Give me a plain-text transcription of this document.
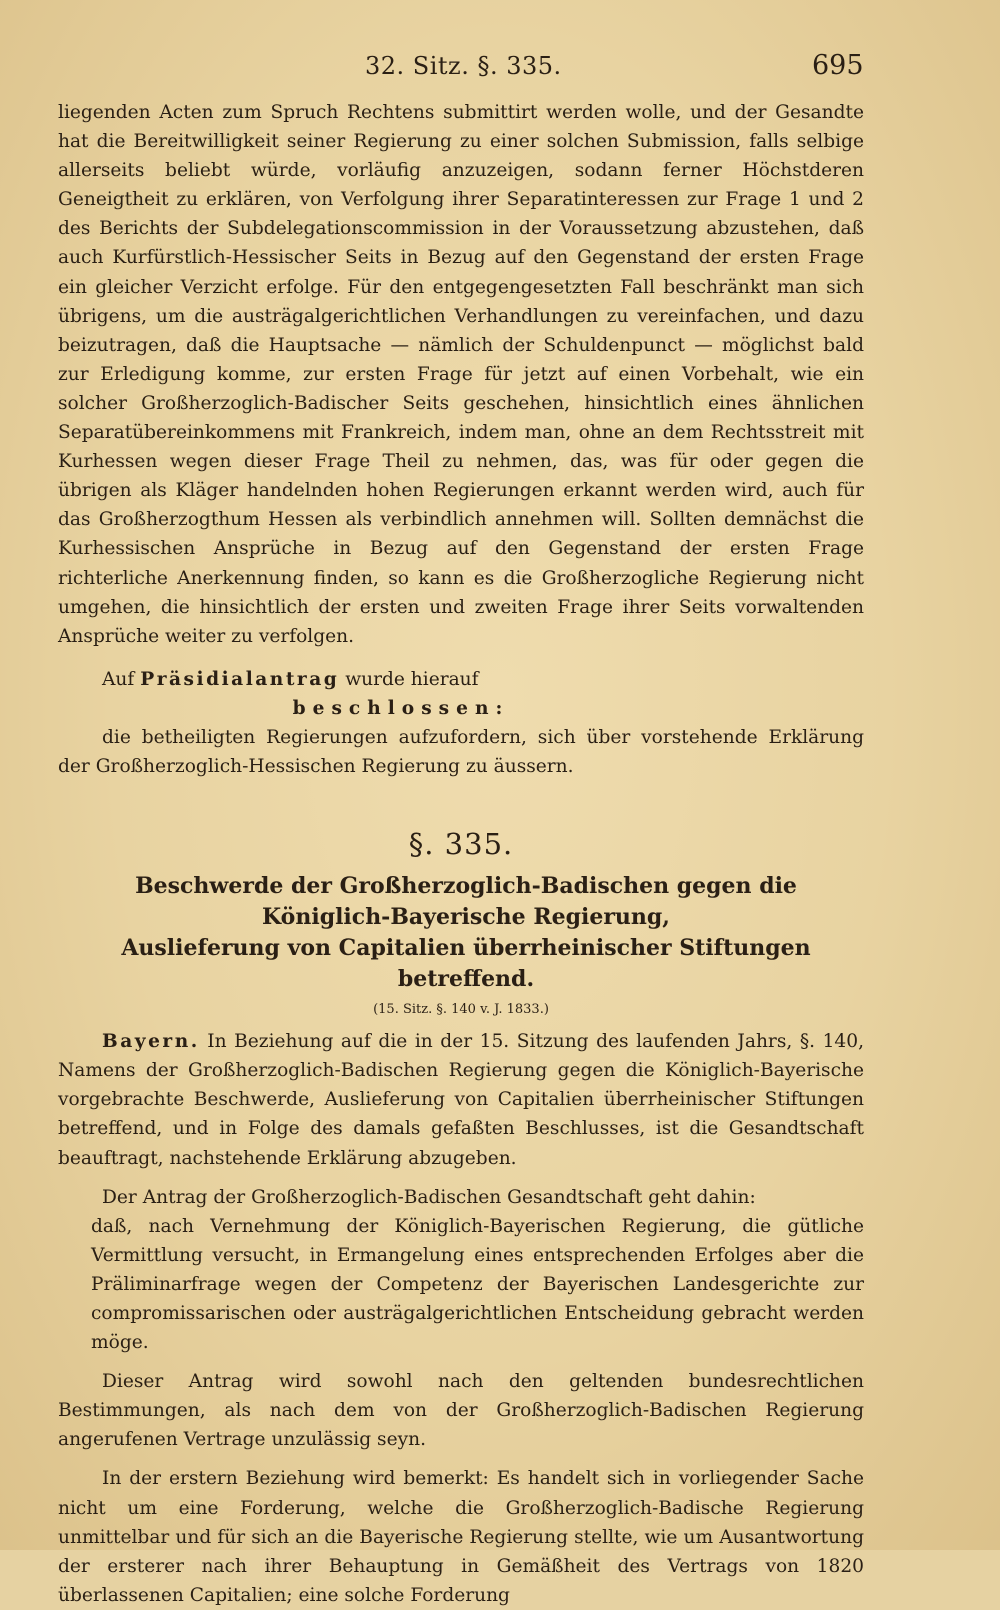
32. Sitz. §. 335.	695

liegenden Acten zum Spruch Rechtens submittirt werden wolle, und der Gesandte hat die Bereitwilligkeit seiner Regierung zu einer solchen Submission, falls selbige allerseits beliebt würde, vorläufig anzuzeigen, sodann ferner Höchstderen Geneigtheit zu erklären, von Verfolgung ihrer Separatinteressen zur Frage 1 und 2 des Berichts der Subdelegationscommission in der Voraussetzung abzustehen, daß auch Kurfürstlich-Hessischer Seits in Bezug auf den Gegenstand der ersten Frage ein gleicher Verzicht erfolge. Für den entgegengesetzten Fall beschränkt man sich übrigens, um die austrägalgerichtlichen Verhandlungen zu vereinfachen, und dazu beizutragen, daß die Hauptsache — nämlich der Schuldenpunct — möglichst bald zur Erledigung komme, zur ersten Frage für jetzt auf einen Vorbehalt, wie ein solcher Großherzoglich-Badischer Seits geschehen, hinsichtlich eines ähnlichen Separatübereinkommens mit Frankreich, indem man, ohne an dem Rechtsstreit mit Kurhessen wegen dieser Frage Theil zu nehmen, das, was für oder gegen die übrigen als Kläger handelnden hohen Regierungen erkannt werden wird, auch für das Großherzogthum Hessen als verbindlich annehmen will. Sollten demnächst die Kurhessischen Ansprüche in Bezug auf den Gegenstand der ersten Frage richterliche Anerkennung finden, so kann es die Großherzogliche Regierung nicht umgehen, die hinsichtlich der ersten und zweiten Frage ihrer Seits vorwaltenden Ansprüche weiter zu verfolgen.

Auf Präsidialantrag wurde hierauf

beschlossen:

die betheiligten Regierungen aufzufordern, sich über vorstehende Erklärung der Großherzoglich-Hessischen Regierung zu äussern.

§. 335.

Beschwerde der Großherzoglich-Badischen gegen die Königlich-Bayerische Regierung,

Auslieferung von Capitalien überrheinischer Stiftungen betreffend.

(15. Sitz. §. 140 v. J. 1833.)

Bayern. In Beziehung auf die in der 15. Sitzung des laufenden Jahrs, §. 140, Namens der Großherzoglich-Badischen Regierung gegen die Königlich-Bayerische vorgebrachte Beschwerde, Auslieferung von Capitalien überrheinischer Stiftungen betreffend, und in Folge des damals gefaßten Beschlusses, ist die Gesandtschaft beauftragt, nachstehende Erklärung abzugeben.

Der Antrag der Großherzoglich-Badischen Gesandtschaft geht dahin:

daß, nach Vernehmung der Königlich-Bayerischen Regierung, die gütliche Vermittlung versucht, in Ermangelung eines entsprechenden Erfolges aber die Präliminarfrage wegen der Competenz der Bayerischen Landesgerichte zur compromissarischen oder austrägalgerichtlichen Entscheidung gebracht werden möge.

Dieser Antrag wird sowohl nach den geltenden bundesrechtlichen Bestimmungen, als nach dem von der Großherzoglich-Badischen Regierung angerufenen Vertrage unzulässig seyn.

In der erstern Beziehung wird bemerkt: Es handelt sich in vorliegender Sache nicht um eine Forderung, welche die Großherzoglich-Badische Regierung unmittelbar und für sich an die Bayerische Regierung stellte, wie um Ausantwortung der ersterer nach ihrer Behauptung in Gemäßheit des Vertrags von 1820 überlassenen Capitalien; eine solche Forderung
